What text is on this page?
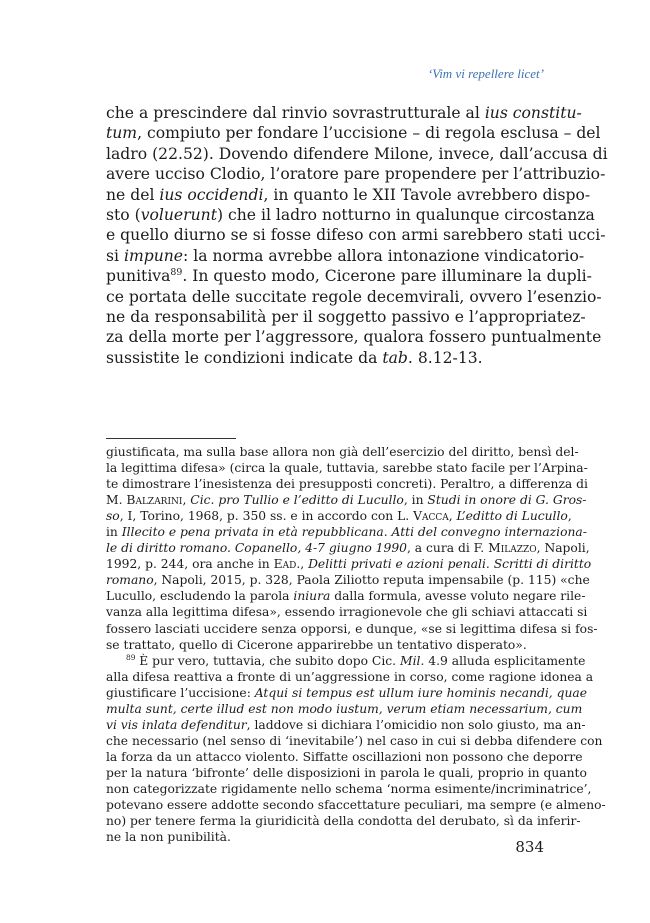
‘Vim vi repellere licet’
che a prescindere dal rinvio sovrastrutturale al ius constitu-
tum, compiuto per fondare l’uccisione – di regola esclusa – del
ladro (22.52). Dovendo difendere Milone, invece, dall’accusa di
avere ucciso Clodio, l’oratore pare propendere per l’attribuzio-
ne del ius occidendi, in quanto le XII Tavole avrebbero dispo-
sto (voluerunt) che il ladro notturno in qualunque circostanza
e quello diurno se si fosse difeso con armi sarebbero stati ucci-
si impune: la norma avrebbe allora intonazione vindicatorio-
punitiva$^{89}$. In questo modo, Cicerone pare illuminare la dupli-
ce portata delle succitate regole decemvirali, ovvero l’esenzio-
ne da responsabilità per il soggetto passivo e l’appropriatez-
za della morte per l’aggressore, qualora fossero puntualmente
sussistite le condizioni indicate da tab. 8.12-13.
giustificata, ma sulla base allora non già dell’esercizio del diritto, bensì del-
la legittima difesa» (circa la quale, tuttavia, sarebbe stato facile per l’Arpina-
te dimostrare l’inesistenza dei presupposti concreti). Peraltro, a differenza di
M. Balzarini, Cic. pro Tullio e l’editto di Lucullo, in Studi in onore di G. Gros-
so, I, Torino, 1968, p. 350 ss. e in accordo con L. Vacca, L’editto di Lucullo,
in Illecito e pena privata in età repubblicana. Atti del convegno internaziona-
le di diritto romano. Copanello, 4-7 giugno 1990, a cura di F. Milazzo, Napoli,
1992, p. 244, ora anche in Ead., Delitti privati e azioni penali. Scritti di diritto
romano, Napoli, 2015, p. 328, Paola Ziliotto reputa impensabile (p. 115) «che
Lucullo, escludendo la parola iniura dalla formula, avesse voluto negare rile-
vanza alla legittima difesa», essendo irragionevole che gli schiavi attaccati si
fossero lasciati uccidere senza opporsi, e dunque, «se si legittima difesa si fos-
se trattato, quello di Cicerone apparirebbe un tentativo disperato».
$^{89}$ È pur vero, tuttavia, che subito dopo Cic. Mil. 4.9 alluda esplicitamente
alla difesa reattiva a fronte di un’aggressione in corso, come ragione idonea a
giustificare l’uccisione: Atqui si tempus est ullum iure hominis necandi, quae
multa sunt, certe illud est non modo iustum, verum etiam necessarium, cum
vi vis inlata defenditur, laddove si dichiara l’omicidio non solo giusto, ma an-
che necessario (nel senso di ‘inevitabile’) nel caso in cui si debba difendere con
la forza da un attacco violento. Siffatte oscillazioni non possono che deporre
per la natura ‘bifronte’ delle disposizioni in parola le quali, proprio in quanto
non categorizzate rigidamente nello schema ‘norma esimente/incriminatrice’,
potevano essere addotte secondo sfaccettature peculiari, ma sempre (e almeno-
no) per tenere ferma la giuridicità della condotta del derubato, sì da inferir-
ne la non punibilità.
834
